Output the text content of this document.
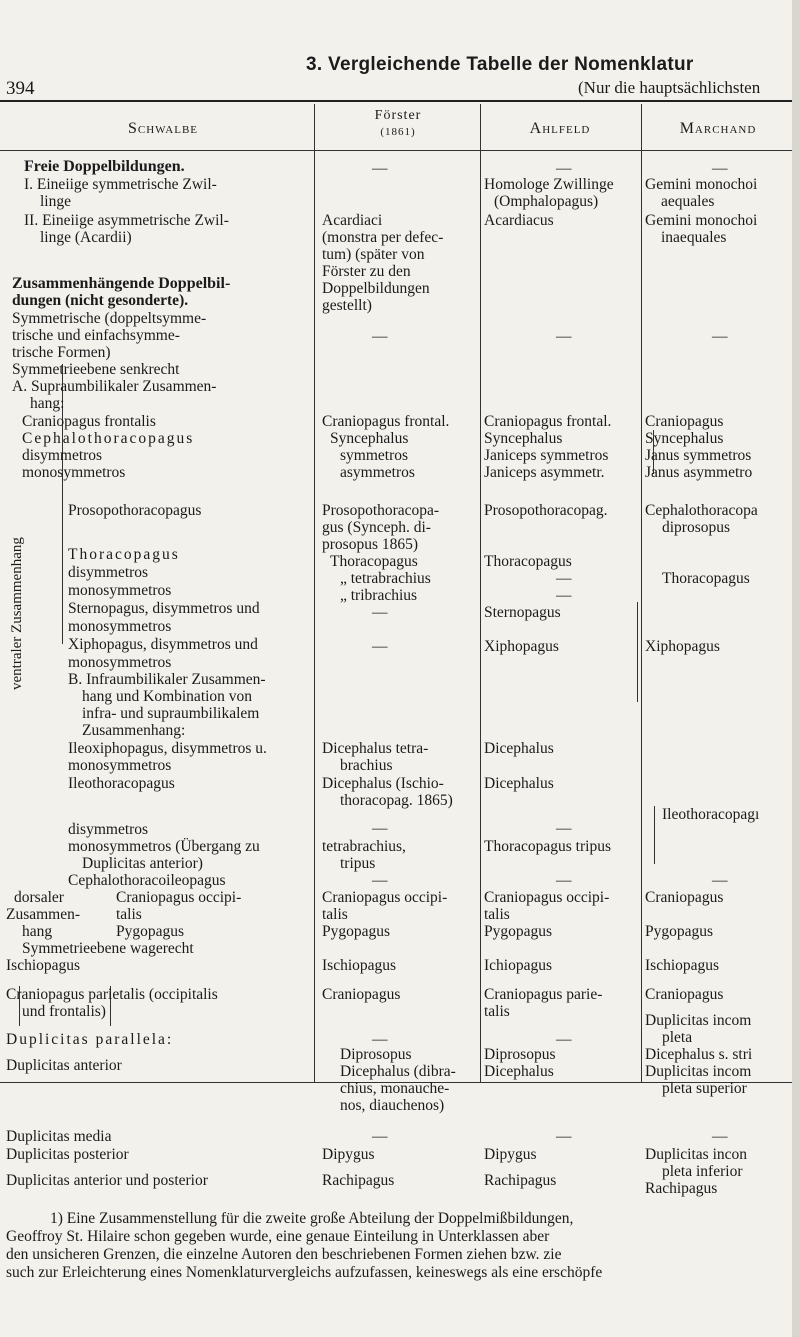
394
3. Vergleichende Tabelle der Nomenklatur
(Nur die hauptsächlichsten
Schwalbe
Förster
(1861)	Ahlfeld	Marchand
ventraler Zusammenhang
Freie Doppelbildungen.
I. Eineiige symmetrische Zwil-
linge
II. Eineiige asymmetrische Zwil-
linge (Acardii)
Zusammenhängende Doppelbil-
dungen (nicht gesonderte).
Symmetrische (doppeltsymme-
trische und einfachsymme-
trische Formen)
Symmetrieebene senkrecht
A. Supraumbilikaler Zusammen-
hang:
Craniopagus frontalis
Cephalothoracopagus
disymmetros
monosymmetros
Prosopothoracopagus
Thoracopagus
disymmetros
monosymmetros
Sternopagus, disymmetros und
monosymmetros
Xiphopagus, disymmetros und
monosymmetros
B. Infraumbilikaler Zusammen-
hang und Kombination von
infra- und supraumbilikalem
Zusammenhang:
Ileoxiphopagus, disymmetros u.
monosymmetros
Ileothoracopagus
disymmetros
monosymmetros (Übergang zu
Duplicitas anterior)
Cephalothoracoileopagus
dorsaler
Zusammen-
hang
Craniopagus occipi-
talis
Pygopagus
Symmetrieebene wagerecht
Ischiopagus
Craniopagus parietalis (occipitalis
und frontalis)
Duplicitas parallela:
Duplicitas anterior
Duplicitas media
Duplicitas posterior
Duplicitas anterior und posterior
—
Acardiaci
(monstra per defec-
tum) (später von
Förster zu den
Doppelbildungen
gestellt)
—
Craniopagus frontal.
Syncephalus
symmetros
asymmetros
Prosopothoracopa-
gus (Synceph. di-
prosopus 1865)
Thoracopagus
„ tetrabrachius
„ tribrachius
—
—
Dicephalus tetra-
brachius
Dicephalus (Ischio-
thoracopag. 1865)
—
tetrabrachius,
tripus
—
Craniopagus occipi-
talis
Pygopagus
Ischiopagus
Craniopagus
—
Diprosopus
Dicephalus (dibra-
chius, monauche-
nos, diauchenos)
—
Dipygus
Rachipagus
—
Homologe Zwillinge
(Omphalopagus)
Acardiacus
—
Craniopagus frontal.
Syncephalus
Janiceps symmetros
Janiceps asymmetr.
Prosopothoracopag.
Thoracopagus
—
—
Sternopagus
Xiphopagus
Dicephalus
Dicephalus
—
Thoracopagus tripus
—
Craniopagus occipi-
talis
Pygopagus
Ichiopagus
Craniopagus parie-
talis
—
Diprosopus
Dicephalus
—
Dipygus
Rachipagus
—
Gemini monochoi
aequales
Gemini monochoi
inaequales
—
Craniopagus
Syncephalus
Janus symmetros
Janus asymmetro
Cephalothoracopa
diprosopus
Thoracopagus
Xiphopagus
Ileothoracopagı
—
Craniopagus
Pygopagus
Ischiopagus
Craniopagus
Duplicitas incom
pleta
Dicephalus s. stri
Duplicitas incom
pleta superior
—
Duplicitas incon
pleta inferior
Rachipagus
1) Eine Zusammenstellung für die zweite große Abteilung der Doppelmißbildungen,
Geoffroy St. Hilaire schon gegeben wurde, eine genaue Einteilung in Unterklassen aber
den unsicheren Grenzen, die einzelne Autoren den beschriebenen Formen ziehen bzw. zie
such zur Erleichterung eines Nomenklaturvergleichs aufzufassen, keineswegs als eine erschöpfe
